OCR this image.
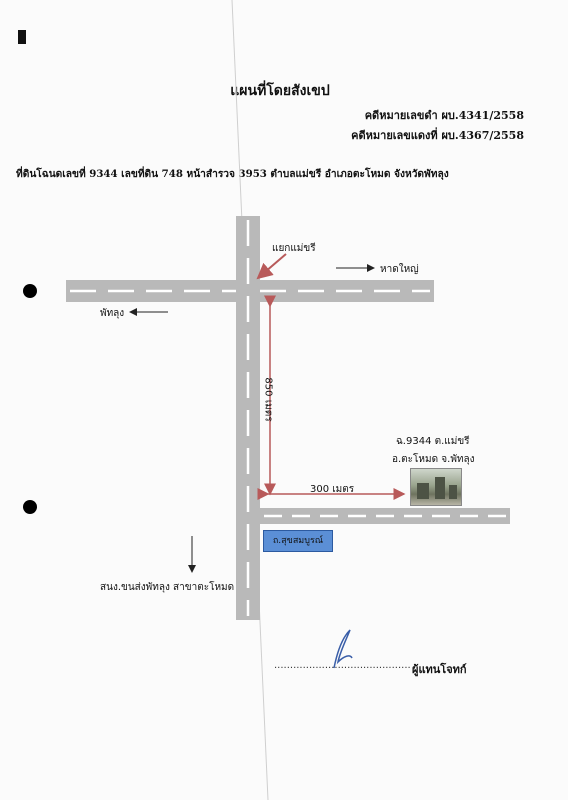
แผนที่โดยสังเขป
คดีหมายเลขดำ ผบ.4341/2558
คดีหมายเลขแดงที่ ผบ.4367/2558
ที่ดินโฉนดเลขที่ 9344 เลขที่ดิน 748 หน้าสำรวจ 3953 ตำบลแม่ขรี อำเภอตะโหมด จังหวัดพัทลุง
แยกแม่ขรี
หาดใหญ่
พัทลุง
850 เมตร
300 เมตร
ฉ.9344 ต.แม่ขรี
อ.ตะโหมด จ.พัทลุง
ถ.สุขสมบูรณ์
สนง.ขนส่งพัทลุง สาขาตะโหมด
........................................... ผู้แทนโจทก์
